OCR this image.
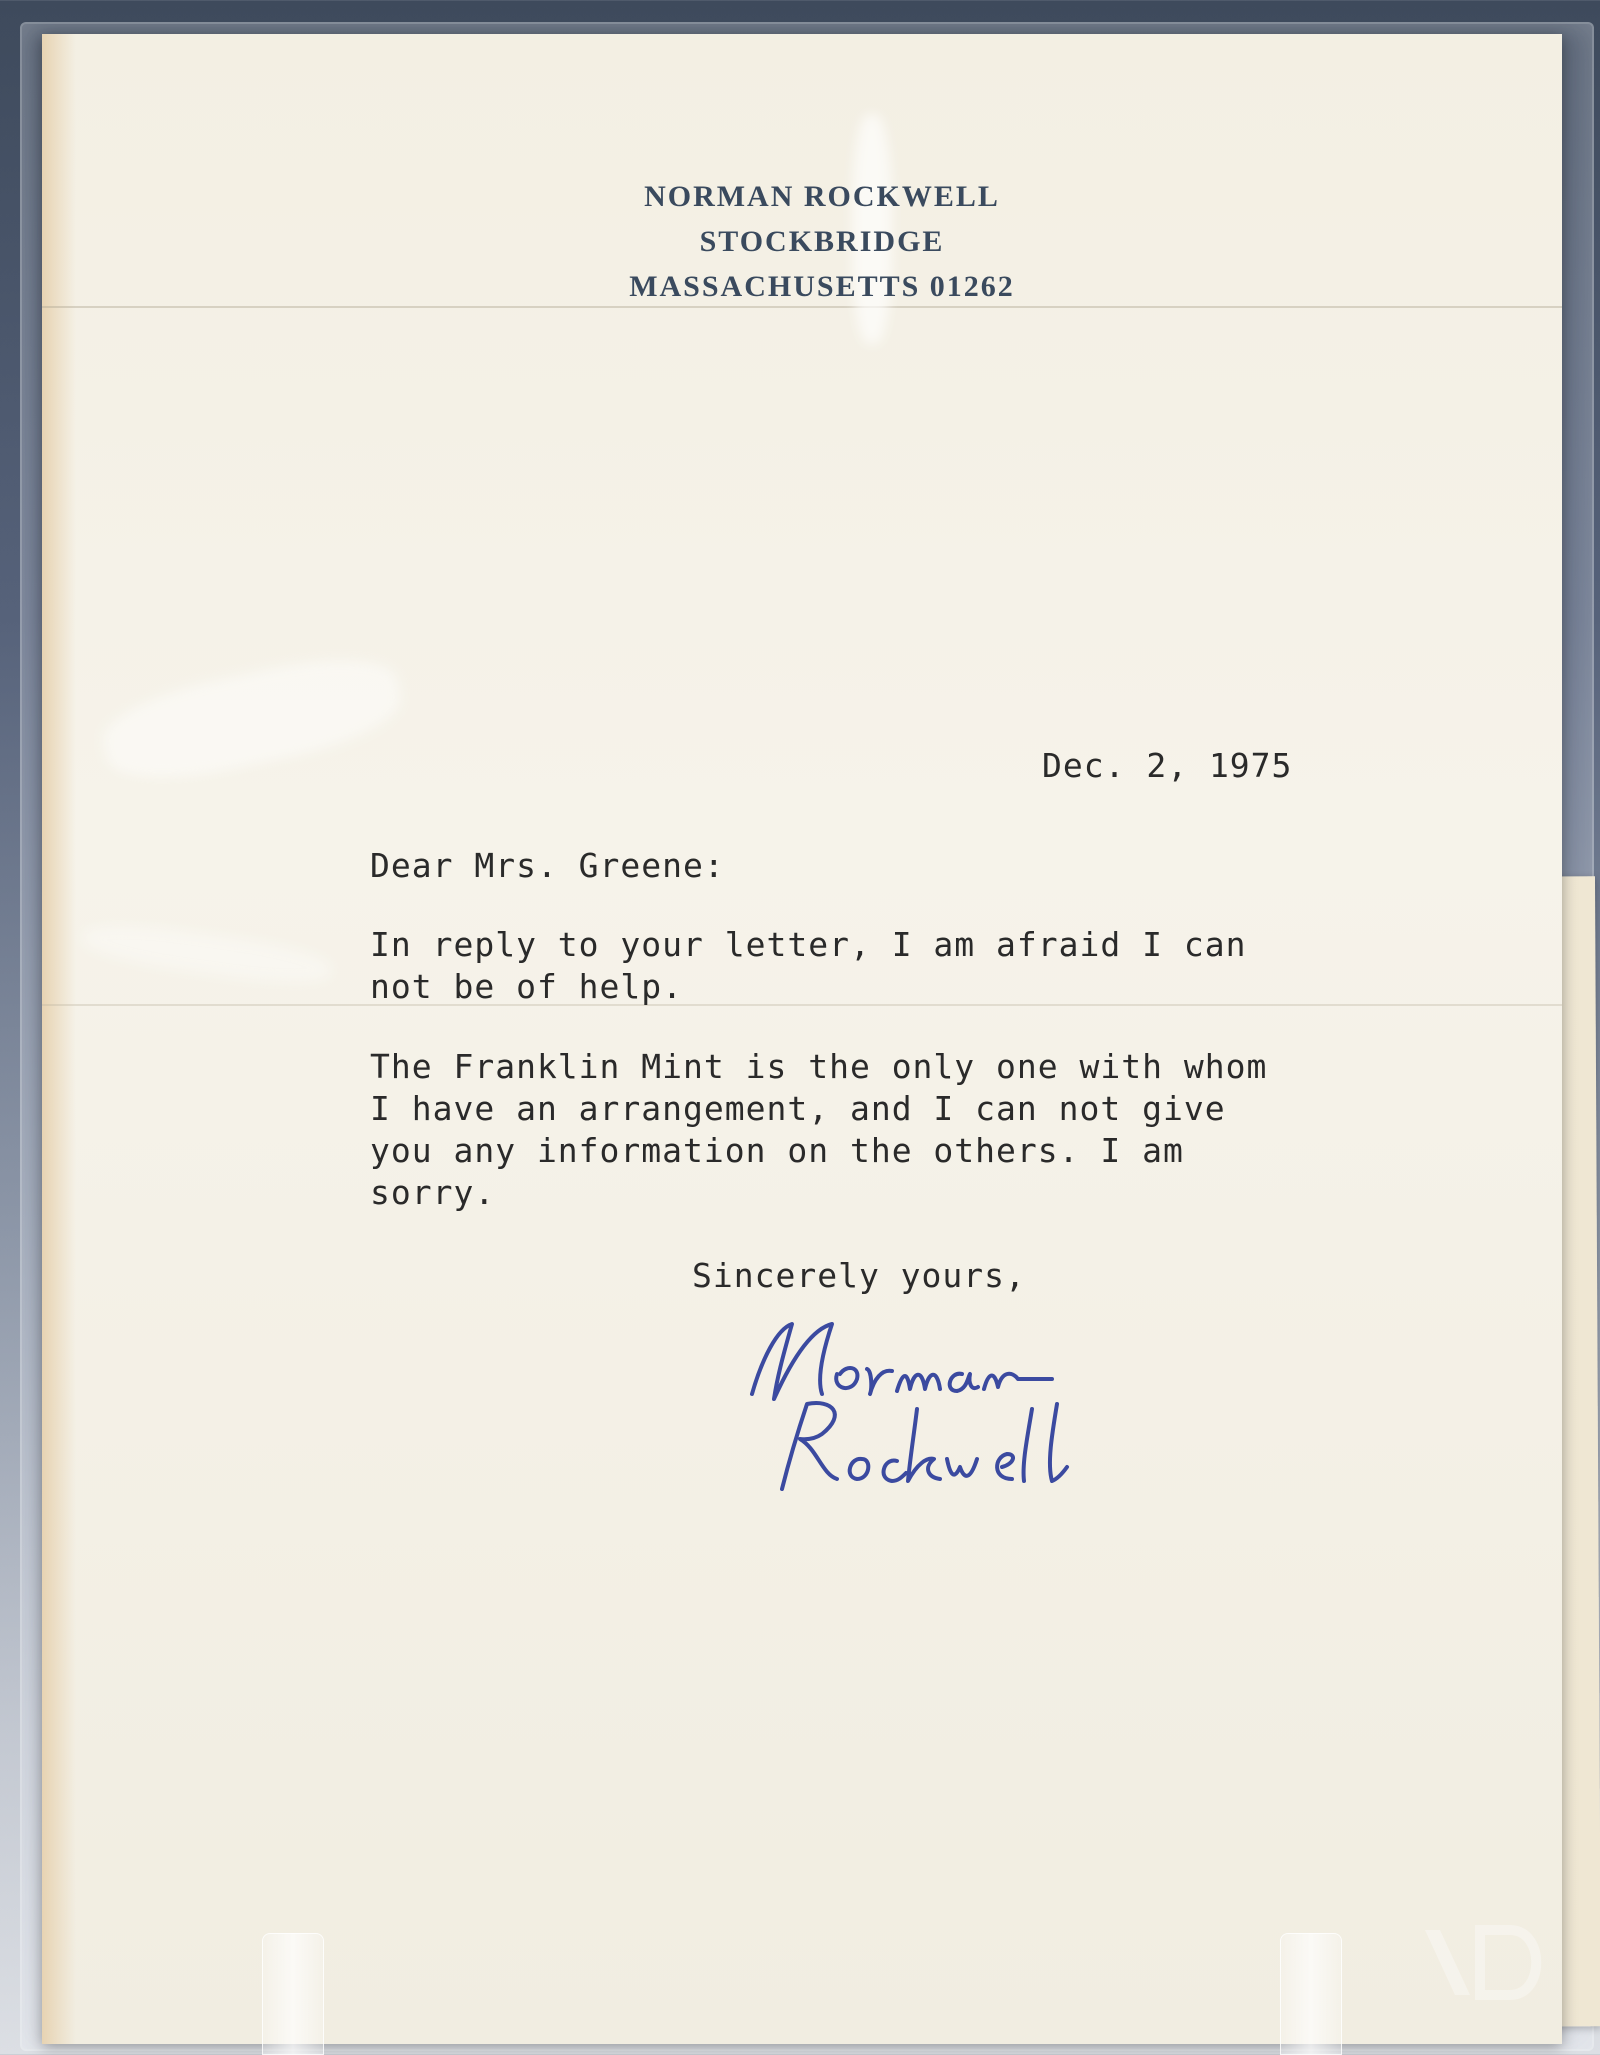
NORMAN ROCKWELL
STOCKBRIDGE
MASSACHUSETTS 01262
Dec. 2, 1975
Dear Mrs. Greene:
In reply to your letter, I am afraid I can
not be of help.
The Franklin Mint is the only one with whom
I have an arrangement, and I can not give
you any information on the others. I am
sorry.
Sincerely yours,
